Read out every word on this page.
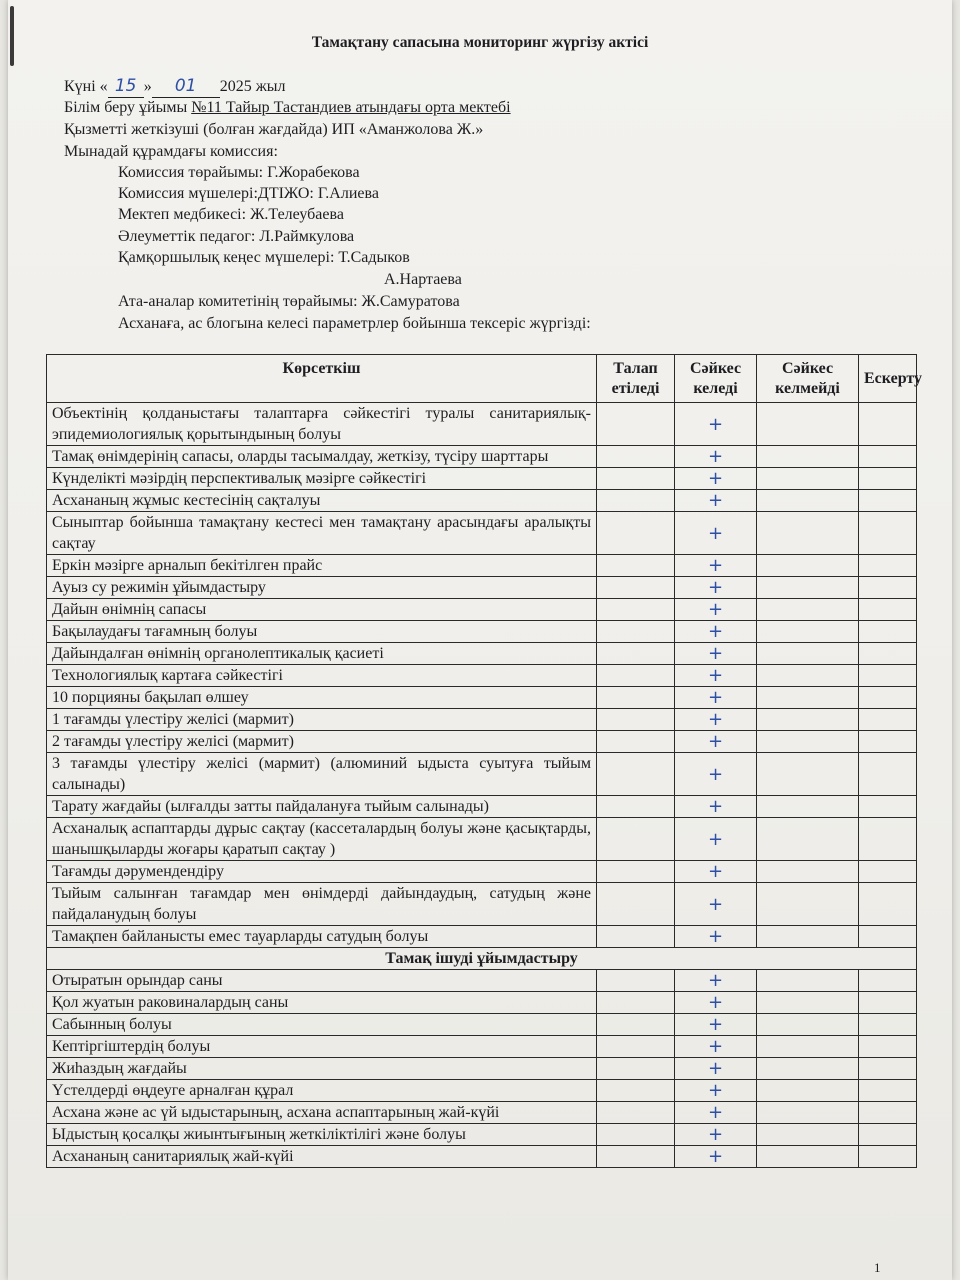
Тамақтану сапасына мониторинг жүргізу актісі
Күні « 15 » 01 2025 жыл
Білім беру ұйымы №11 Тайыр Тастандиев атындағы орта мектебі
Қызметті жеткізуші (болған жағдайда) ИП «Аманжолова Ж.»
Мынадай құрамдағы комиссия:
Комиссия төрайымы: Г.Жорабекова
Комиссия мүшелері:ДТІЖО: Г.Алиева
Мектеп медбикесі: Ж.Телеубаева
Әлеуметтік педагог: Л.Раймкулова
Қамқоршылық кеңес мүшелері: Т.Садыков
А.Нартаева
Ата-аналар комитетінің төрайымы: Ж.Самуратова
Асханаға, ас блогына келесі параметрлер бойынша тексеріс жүргізді:
Көрсеткіш	Талап етіледі	Сәйкес келеді	Сәйкес келмейді	Ескерту
Объектінің қолданыстағы талаптарға сәйкестігі туралы санитариялық-эпидемиологиялық қорытындының болуы		+		
Тамақ өнімдерінің сапасы, оларды тасымалдау, жеткізу, түсіру шарттары		+		
Күнделікті мәзірдің перспективалық мәзірге сәйкестігі		+		
Асхананың жұмыс кестесінің сақталуы		+		
Сыныптар бойынша тамақтану кестесі мен тамақтану арасындағы аралықты сақтау		+		
Еркін мәзірге арналып бекітілген прайс		+		
Ауыз су режимін ұйымдастыру		+		
Дайын өнімнің сапасы		+		
Бақылаудағы тағамның болуы		+		
Дайындалған өнімнің органолептикалық қасиеті		+		
Технологиялық картаға сәйкестігі		+		
10 порцияны бақылап өлшеу		+		
1 тағамды үлестіру желісі (мармит)		+		
2 тағамды үлестіру желісі (мармит)		+		
3 тағамды үлестіру желісі (мармит) (алюминий ыдыста суытуға тыйым салынады)		+		
Тарату жағдайы (ылғалды затты пайдалануға тыйым салынады)		+		
Асханалық аспаптарды дұрыс сақтау (кассеталардың болуы және қасықтарды, шанышқыларды жоғары қаратып сақтау )		+		
Тағамды дәрумендендіру		+		
Тыйым салынған тағамдар мен өнімдерді дайындаудың, сатудың және пайдаланудың болуы		+		
Тамақпен байланысты емес тауарларды сатудың болуы		+		
Тамақ ішуді ұйымдастыру				
Отыратын орындар саны		+		
Қол жуатын раковиналардың саны		+		
Сабынның болуы		+		
Кептіргіштердің болуы		+		
Жиһаздың жағдайы		+		
Үстелдерді өңдеуге арналған құрал		+		
Асхана және ас үй ыдыстарының, асхана аспаптарының жай-күйі		+		
Ыдыстың қосалқы жиынтығының жеткіліктілігі және болуы		+		
Асхананың санитариялық жай-күйі		+		
1
